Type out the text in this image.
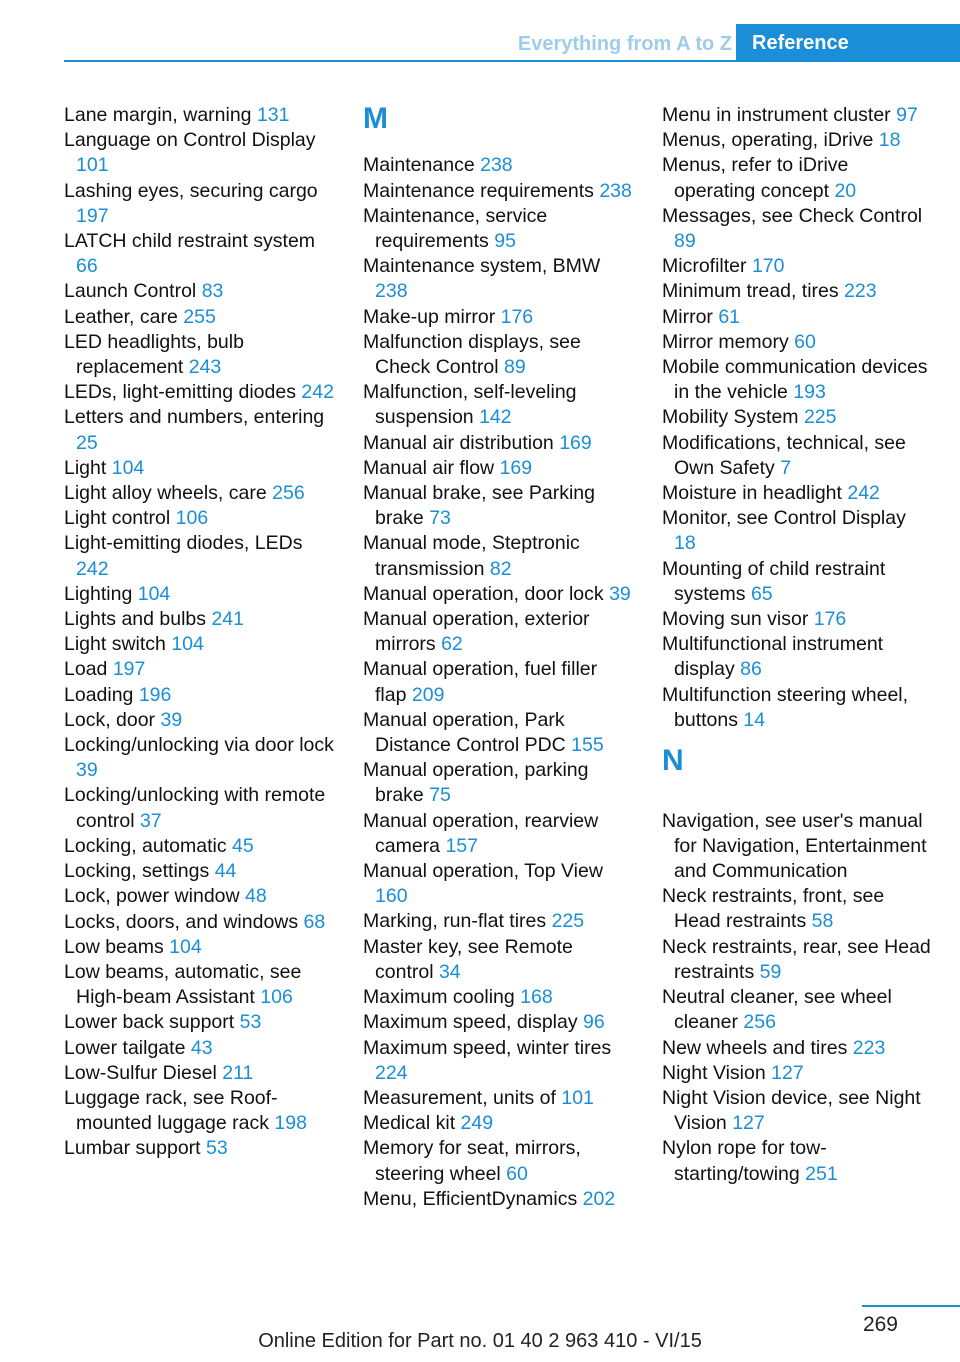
Everything from A to Z	Reference
Lane margin, warning 131
Language on Control Display 101
Lashing eyes, securing cargo 197
LATCH child restraint system 66
Launch Control 83
Leather, care 255
LED headlights, bulb replacement 243
LEDs, light-emitting diodes 242
Letters and numbers, entering 25
Light 104
Light alloy wheels, care 256
Light control 106
Light-emitting diodes, LEDs 242
Lighting 104
Lights and bulbs 241
Light switch 104
Load 197
Loading 196
Lock, door 39
Locking/unlocking via door lock 39
Locking/unlocking with remote control 37
Locking, automatic 45
Locking, settings 44
Lock, power window 48
Locks, doors, and windows 68
Low beams 104
Low beams, automatic, see High-beam Assistant 106
Lower back support 53
Lower tailgate 43
Low-Sulfur Diesel 211
Luggage rack, see Roof-mounted luggage rack 198
Lumbar support 53
M
Maintenance 238
Maintenance requirements 238
Maintenance, service requirements 95
Maintenance system, BMW 238
Make-up mirror 176
Malfunction displays, see Check Control 89
Malfunction, self-leveling suspension 142
Manual air distribution 169
Manual air flow 169
Manual brake, see Parking brake 73
Manual mode, Steptronic transmission 82
Manual operation, door lock 39
Manual operation, exterior mirrors 62
Manual operation, fuel filler flap 209
Manual operation, Park Distance Control PDC 155
Manual operation, parking brake 75
Manual operation, rearview camera 157
Manual operation, Top View 160
Marking, run-flat tires 225
Master key, see Remote control 34
Maximum cooling 168
Maximum speed, display 96
Maximum speed, winter tires 224
Measurement, units of 101
Medical kit 249
Memory for seat, mirrors, steering wheel 60
Menu, EfficientDynamics 202
Menu in instrument cluster 97
Menus, operating, iDrive 18
Menus, refer to iDrive operating concept 20
Messages, see Check Control 89
Microfilter 170
Minimum tread, tires 223
Mirror 61
Mirror memory 60
Mobile communication devices in the vehicle 193
Mobility System 225
Modifications, technical, see Own Safety 7
Moisture in headlight 242
Monitor, see Control Display 18
Mounting of child restraint systems 65
Moving sun visor 176
Multifunctional instrument display 86
Multifunction steering wheel, buttons 14
N
Navigation, see user's manual for Navigation, Entertainment and Communication
Neck restraints, front, see Head restraints 58
Neck restraints, rear, see Head restraints 59
Neutral cleaner, see wheel cleaner 256
New wheels and tires 223
Night Vision 127
Night Vision device, see Night Vision 127
Nylon rope for tow-starting/towing 251
269
Online Edition for Part no. 01 40 2 963 410 - VI/15
